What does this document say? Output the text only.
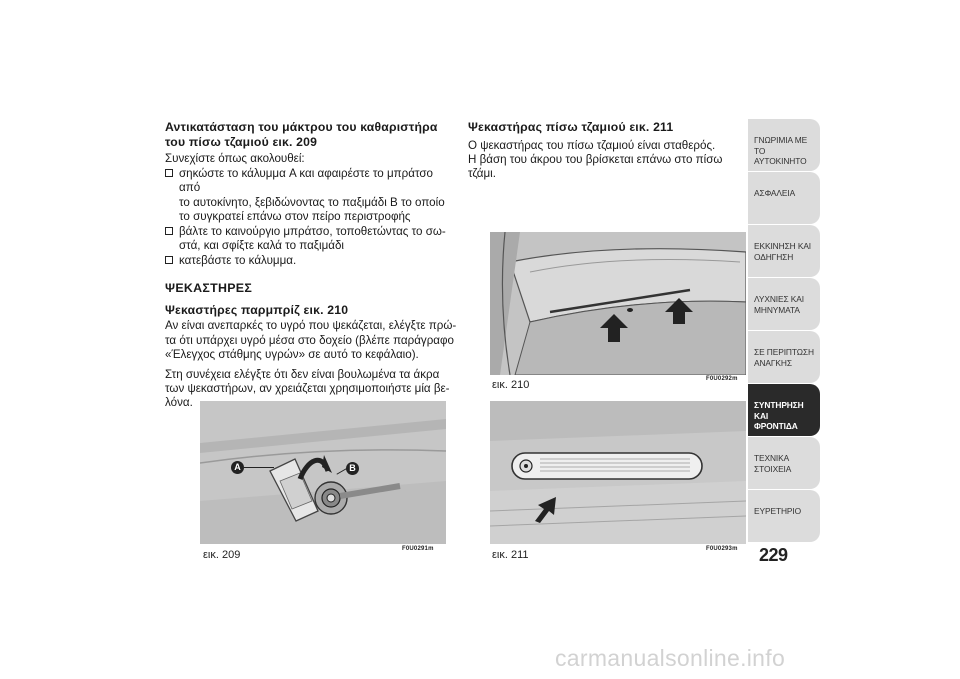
Αντικατάσταση του μάκτρου του καθαριστήρα
του πίσω τζαμιού εικ. 209

Συνεχίστε όπως ακολουθεί:

σηκώστε το κάλυμμα A και αφαιρέστε το μπράτσο από
το αυτοκίνητο, ξεβιδώνοντας το παξιμάδι B το οποίο
το συγκρατεί επάνω στον πείρο περιστροφής
βάλτε το καινούργιο μπράτσο, τοποθετώντας το σω-
στά, και σφίξτε καλά το παξιμάδι
κατεβάστε το κάλυμμα.
ΨΕΚΑΣΤΗΡΕΣ
Ψεκαστήρες παρμπρίζ εικ. 210

Αν είναι ανεπαρκές το υγρό που ψεκάζεται, ελέγξτε πρώ-
τα ότι υπάρχει υγρό μέσα στο δοχείο (βλέπε παράγραφο
«Έλεγχος στάθμης υγρών» σε αυτό το κεφάλαιο).

Στη συνέχεια ελέγξτε ότι δεν είναι βουλωμένα τα άκρα
των ψεκαστήρων, αν χρειάζεται χρησιμοποιήστε μία βε-
λόνα.

Ψεκαστήρας πίσω τζαμιού εικ. 211

Ο ψεκαστήρας του πίσω τζαμιού είναι σταθερός.
Η βάση του άκρου του βρίσκεται επάνω στο πίσω τζάμι.

A	B
εικ. 209	F0U0291m
εικ. 210	F0U0292m
εικ. 211	F0U0293m
ΓΝΩΡΙΜΙΑ ΜΕ ΤΟ
ΑΥΤΟΚΙΝΗΤΟ
ΑΣΦΑΛΕΙΑ

ΕΚΚΙΝΗΣΗ ΚΑΙ
ΟΔΗΓΗΣΗ
ΛΥΧΝΙΕΣ ΚΑΙ
ΜΗΝΥΜΑΤΑ
ΣΕ ΠΕΡΙΠΤΩΣΗ
ΑΝΑΓΚΗΣ
ΣΥΝΤΗΡΗΣΗ ΚΑΙ
ΦΡΟΝΤΙΔΑ
ΤΕΧΝΙΚΑ ΣΤΟΙΧΕΙΑ

ΕΥΡΕΤΗΡΙΟ

229
carmanualsonline.info
